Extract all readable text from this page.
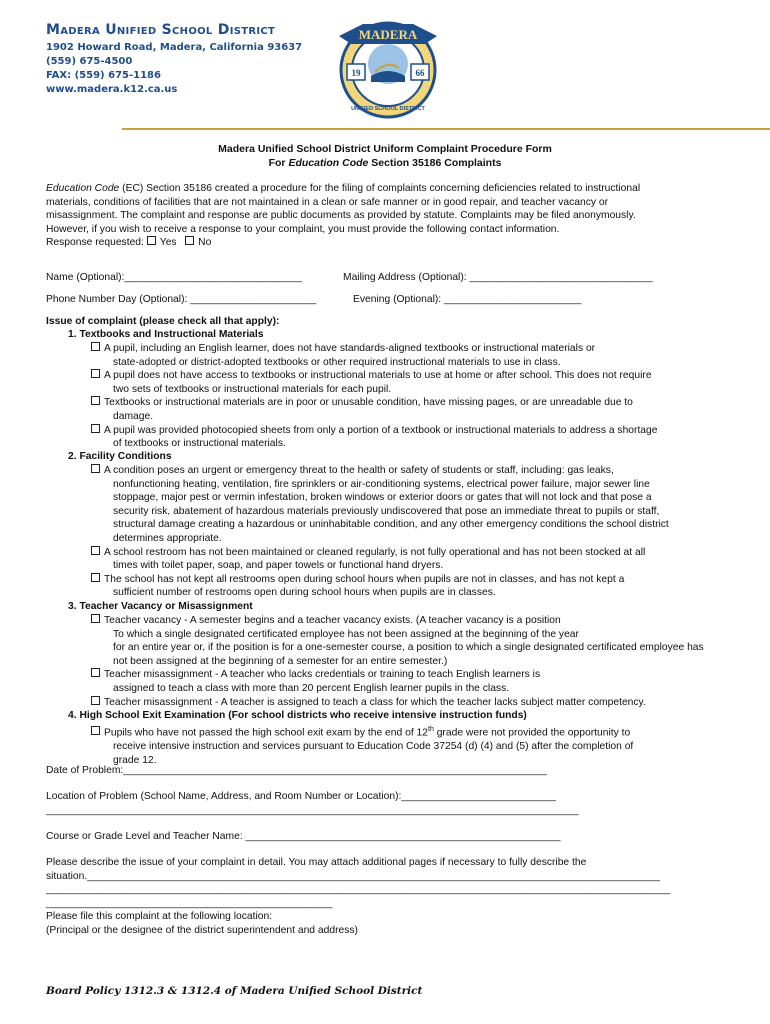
Madera Unified School District
1902 Howard Road, Madera, California 93637
(559) 675-4500
FAX: (559) 675-1186
www.madera.k12.ca.us
19	66
MADERA
UNIFIED SCHOOL DISTRICT
Madera Unified School District Uniform Complaint Procedure Form
For Education Code Section 35186 Complaints
Education Code (EC) Section 35186 created a procedure for the filing of complaints concerning deficiencies related to instructional
materials, conditions of facilities that are not maintained in a clean or safe manner or in good repair, and teacher vacancy or
misassignment. The complaint and response are public documents as provided by statute. Complaints may be filed anonymously.
However, if you wish to receive a response to your complaint, you must provide the following contact information.
Response requested: Yes No
Name (Optional):_______________________________	Mailing Address (Optional): ________________________________
Phone Number Day (Optional): ______________________	Evening (Optional): ________________________
Issue of complaint (please check all that apply):
1. Textbooks and Instructional Materials
A pupil, including an English learner, does not have standards-aligned textbooks or instructional materials or
state-adopted or district-adopted textbooks or other required instructional materials to use in class.
A pupil does not have access to textbooks or instructional materials to use at home or after school. This does not require
two sets of textbooks or instructional materials for each pupil.
Textbooks or instructional materials are in poor or unusable condition, have missing pages, or are unreadable due to
damage.
A pupil was provided photocopied sheets from only a portion of a textbook or instructional materials to address a shortage
of textbooks or instructional materials.
2. Facility Conditions
A condition poses an urgent or emergency threat to the health or safety of students or staff, including: gas leaks,
nonfunctioning heating, ventilation, fire sprinklers or air-conditioning systems, electrical power failure, major sewer line
stoppage, major pest or vermin infestation, broken windows or exterior doors or gates that will not lock and that pose a
security risk, abatement of hazardous materials previously undiscovered that pose an immediate threat to pupils or staff,
structural damage creating a hazardous or uninhabitable condition, and any other emergency conditions the school district
determines appropriate.
A school restroom has not been maintained or cleaned regularly, is not fully operational and has not been stocked at all
times with toilet paper, soap, and paper towels or functional hand dryers.
The school has not kept all restrooms open during school hours when pupils are not in classes, and has not kept a
sufficient number of restrooms open during school hours when pupils are in classes.
3. Teacher Vacancy or Misassignment
Teacher vacancy - A semester begins and a teacher vacancy exists. (A teacher vacancy is a position
To which a single designated certificated employee has not been assigned at the beginning of the year
for an entire year or, if the position is for a one-semester course, a position to which a single designated certificated employee has
not been assigned at the beginning of a semester for an entire semester.)
Teacher misassignment - A teacher who lacks credentials or training to teach English learners is
assigned to teach a class with more than 20 percent English learner pupils in the class.
Teacher misassignment - A teacher is assigned to teach a class for which the teacher lacks subject matter competency.
4. High School Exit Examination (For school districts who receive intensive instruction funds)
Pupils who have not passed the high school exit exam by the end of 12th grade were not provided the opportunity to
receive intensive instruction and services pursuant to Education Code 37254 (d) (4) and (5) after the completion of
grade 12.
Date of Problem:__________________________________________________________________________
Location of Problem (School Name, Address, and Room Number or Location):___________________________
_____________________________________________________________________________________________
Course or Grade Level and Teacher Name: _______________________________________________________
Please describe the issue of your complaint in detail. You may attach additional pages if necessary to fully describe the
situation.____________________________________________________________________________________________________
_____________________________________________________________________________________________________________
__________________________________________________
Please file this complaint at the following location:
(Principal or the designee of the district superintendent and address)
Board Policy 1312.3 & 1312.4 of Madera Unified School District
